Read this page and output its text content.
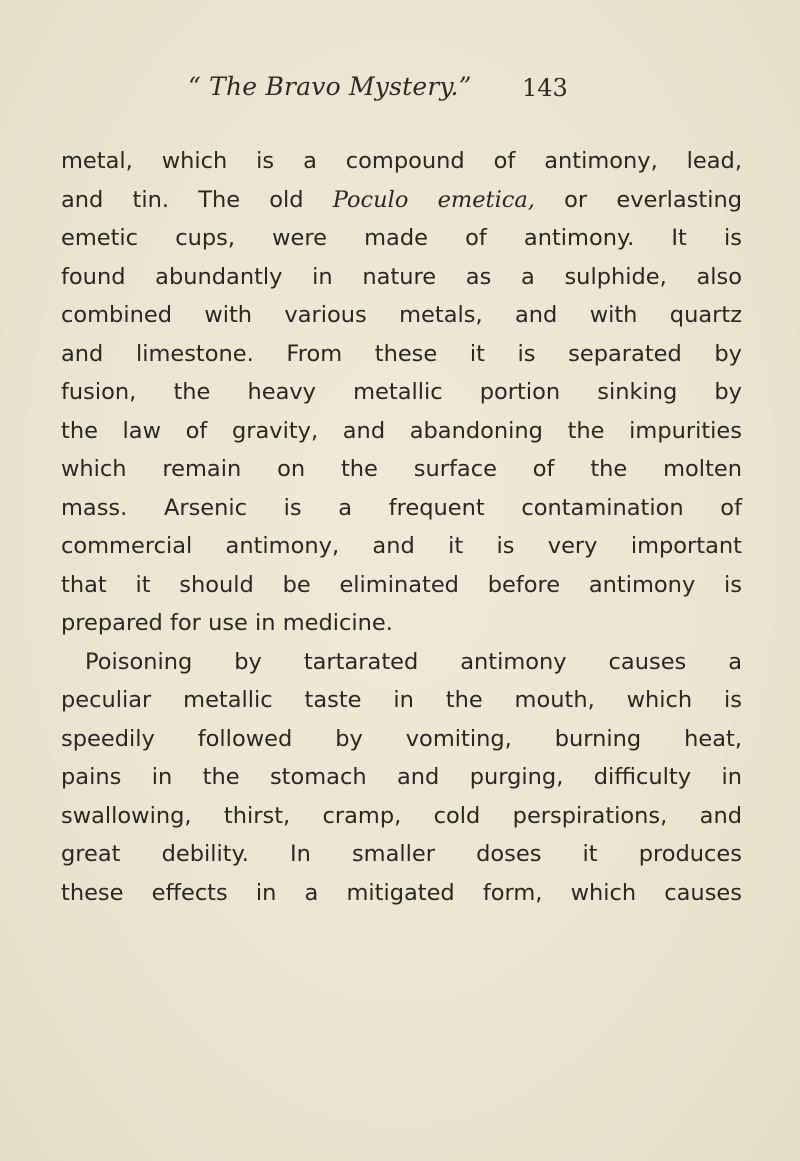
“ The Bravo Mystery.” 143
metal, which is a compound of antimony, lead,
and tin. The old Poculo emetica, or everlasting
emetic cups, were made of antimony. It is
found abundantly in nature as a sulphide, also
combined with various metals, and with quartz
and limestone. From these it is separated by
fusion, the heavy metallic portion sinking by
the law of gravity, and abandoning the impurities
which remain on the surface of the molten
mass. Arsenic is a frequent contamination of
commercial antimony, and it is very important
that it should be eliminated before antimony is
prepared for use in medicine.
Poisoning by tartarated antimony causes a
peculiar metallic taste in the mouth, which is
speedily followed by vomiting, burning heat,
pains in the stomach and purging, difficulty in
swallowing, thirst, cramp, cold perspirations, and
great debility. In smaller doses it produces
these effects in a mitigated form, which causes
